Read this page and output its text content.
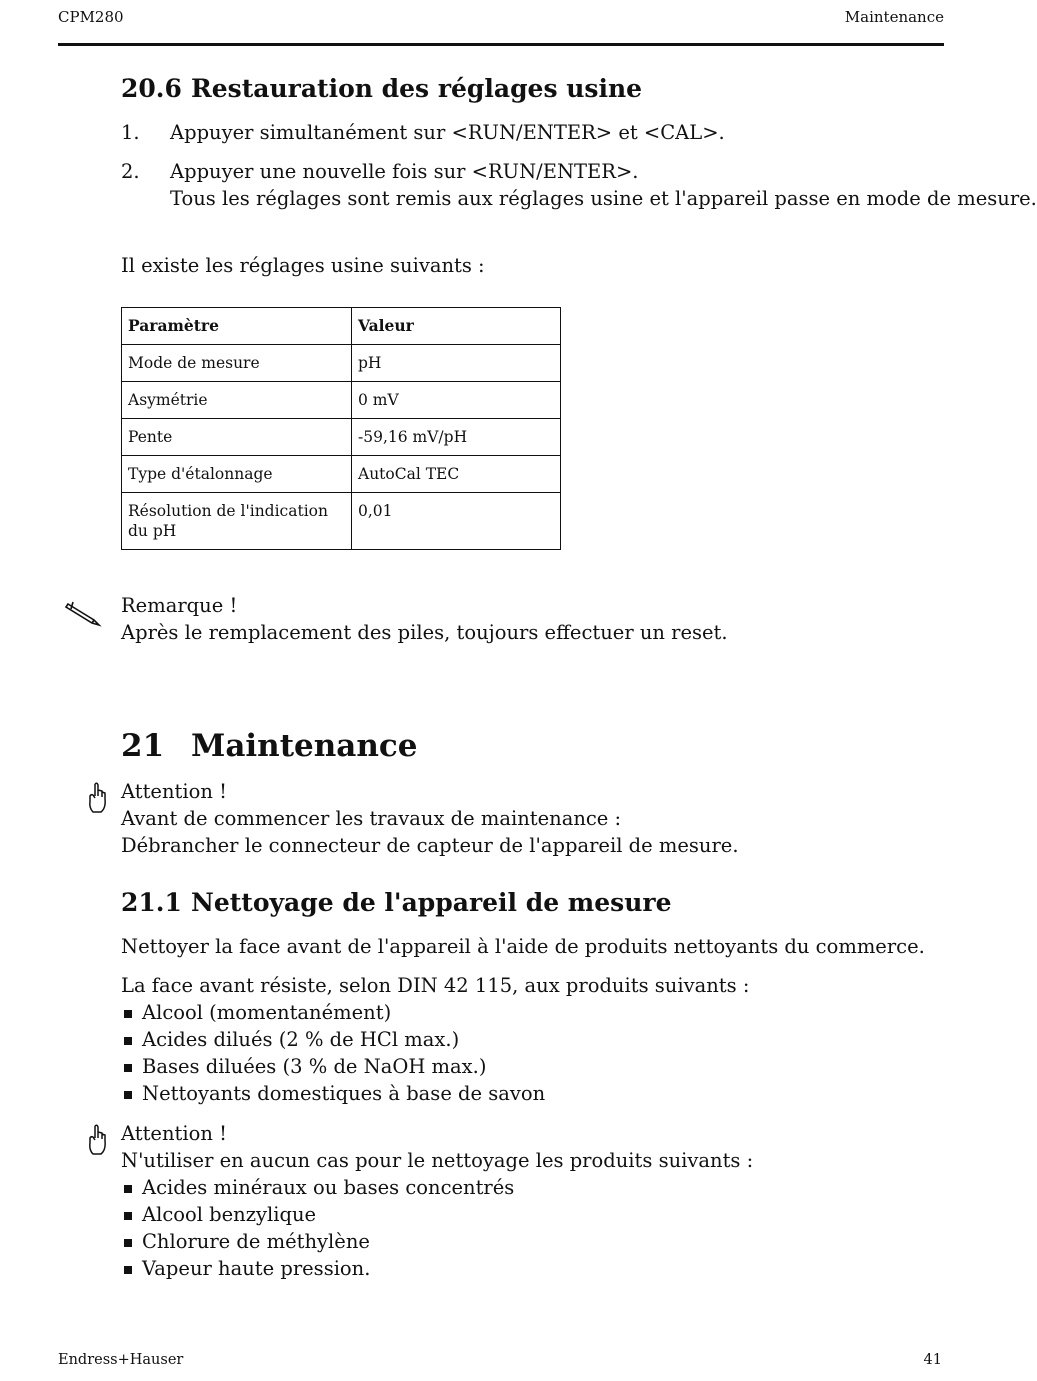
CPM280	Maintenance
20.6 Restauration des réglages usine
1. Appuyer simultanément sur <RUN/ENTER> et <CAL>.
2. Appuyer une nouvelle fois sur <RUN/ENTER>.
Tous les réglages sont remis aux réglages usine et l'appareil passe en mode de mesure.
Il existe les réglages usine suivants :
Paramètre	Valeur
Mode de mesure	pH
Asymétrie	0 mV
Pente	-59,16 mV/pH
Type d'étalonnage	AutoCal TEC
Résolution de l'indication du pH	0,01
Remarque !
Après le remplacement des piles, toujours effectuer un reset.
21 Maintenance
Attention !
Avant de commencer les travaux de maintenance :
Débrancher le connecteur de capteur de l'appareil de mesure.
21.1 Nettoyage de l'appareil de mesure
Nettoyer la face avant de l'appareil à l'aide de produits nettoyants du commerce.
La face avant résiste, selon DIN 42 115, aux produits suivants :
Alcool (momentanément)
Acides dilués (2 % de HCl max.)
Bases diluées (3 % de NaOH max.)
Nettoyants domestiques à base de savon
Attention !
N'utiliser en aucun cas pour le nettoyage les produits suivants :
Acides minéraux ou bases concentrés
Alcool benzylique
Chlorure de méthylène
Vapeur haute pression.
Endress+Hauser	41
